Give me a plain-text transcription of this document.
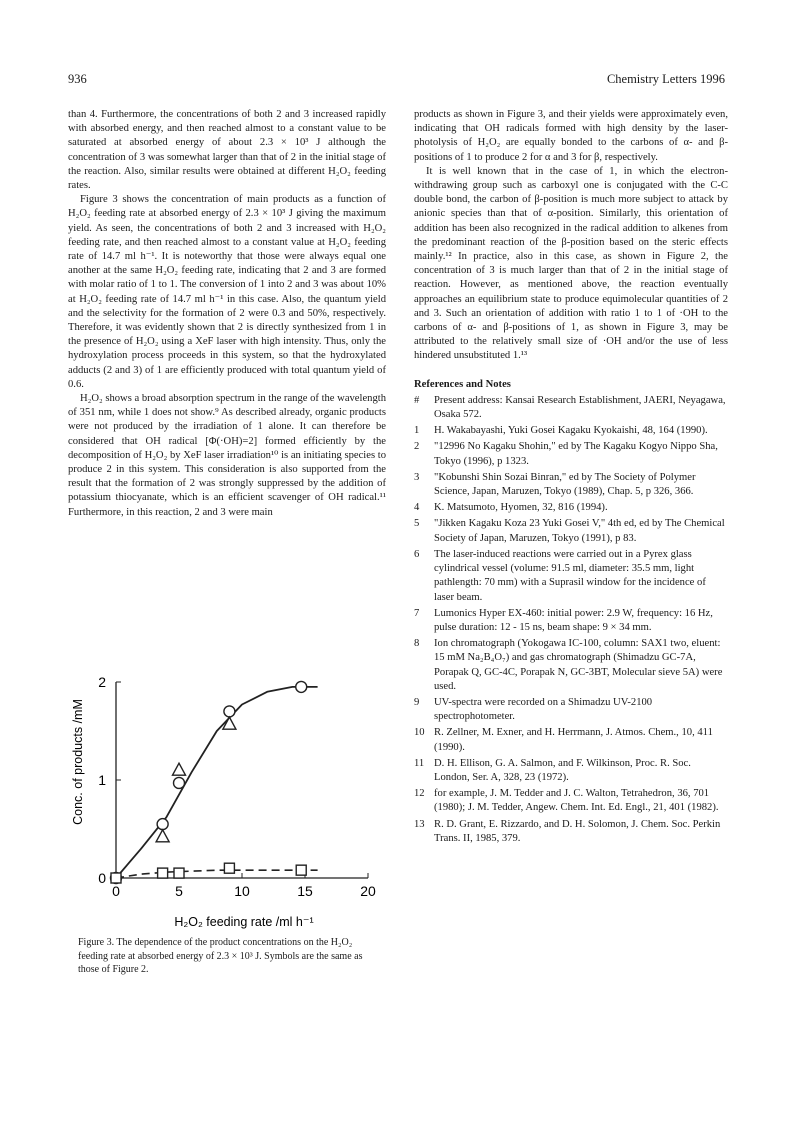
936	Chemistry Letters 1996

than 4. Furthermore, the concentrations of both 2 and 3 increased rapidly with absorbed energy, and then reached almost to a constant value to be saturated at absorbed energy of about 2.3 × 10³ J although the concentration of 3 was somewhat larger than that of 2 in the initial stage of the reaction. Also, similar results were obtained at different H₂O₂ feeding rates.

Figure 3 shows the concentration of main products as a function of H₂O₂ feeding rate at absorbed energy of 2.3 × 10³ J giving the maximum yield. As seen, the concentrations of both 2 and 3 increased with H₂O₂ feeding rate, and then reached almost to a constant value at H₂O₂ feeding rate of 14.7 ml h⁻¹. It is noteworthy that those were always equal one another at the same H₂O₂ feeding rate, indicating that 2 and 3 are formed with molar ratio of 1 to 1. The conversion of 1 into 2 and 3 was about 10% at H₂O₂ feeding rate of 14.7 ml h⁻¹ in this case. Also, the quantum yield and the selectivity for the formation of 2 were 0.3 and 50%, respectively. Therefore, it was evidently shown that 2 is directly synthesized from 1 in the presence of H₂O₂ using a XeF laser with high intensity. Thus, only the hydroxylation process proceeds in this system, so that the hydroxylated adducts (2 and 3) of 1 are efficiently produced with total quantum yield of 0.6.

H₂O₂ shows a broad absorption spectrum in the range of the wavelength of 351 nm, while 1 does not show.⁹ As described already, organic products were not produced by the irradiation of 1 alone. It can therefore be considered that OH radical [Φ(·OH)=2] formed efficiently by the decomposition of H₂O₂ by XeF laser irradiation¹⁰ is an initiating species to produce 2 in this system. This consideration is also supported from the result that the formation of 2 was strongly suppressed by the addition of potassium thiocyanate, which is an efficient scavenger of OH radical.¹¹ Furthermore, in this reaction, 2 and 3 were main

0	5	10	15	20
0
1
2
H₂O₂ feeding rate /ml h⁻¹
Conc. of products /mM
Figure 3. The dependence of the product concentrations on the H₂O₂ feeding rate at absorbed energy of 2.3 × 10³ J. Symbols are the same as those of Figure 2.

products as shown in Figure 3, and their yields were approximately even, indicating that OH radicals formed with high density by the laser-photolysis of H₂O₂ are equally bonded to the carbons of α- and β-positions of 1 to produce 2 for α and 3 for β, respectively.

It is well known that in the case of 1, in which the electron-withdrawing group such as carboxyl one is conjugated with the C-C double bond, the carbon of β-position is much more subject to attack by anionic species than that of α-position. Similarly, this orientation of addition has been also recognized in the radical addition to alkenes from the predominant reaction of the β-position based on the steric effects mainly.¹² In practice, also in this case, as shown in Figure 2, the concentration of 3 is much larger than that of 2 in the initial stage of reaction. However, as mentioned above, the reaction eventually approaches an equilibrium state to produce equimolecular quantities of 2 and 3. Such an orientation of addition with ratio 1 to 1 of ·OH to the carbons of α- and β-positions of 1, as shown in Figure 3, may be attributed to the relatively small size of ·OH and/or the use of less hindered unsubstituted 1.¹³

References and Notes

#	Present address: Kansai Research Establishment, JAERI, Neyagawa, Osaka 572.
1	H. Wakabayashi, Yuki Gosei Kagaku Kyokaishi, 48, 164 (1990).
2	"12996 No Kagaku Shohin," ed by The Kagaku Kogyo Nippo Sha, Tokyo (1996), p 1323.
3	"Kobunshi Shin Sozai Binran," ed by The Society of Polymer Science, Japan, Maruzen, Tokyo (1989), Chap. 5, p 326, 366.
4	K. Matsumoto, Hyomen, 32, 816 (1994).
5	"Jikken Kagaku Koza 23 Yuki Gosei V," 4th ed, ed by The Chemical Society of Japan, Maruzen, Tokyo (1991), p 83.
6	The laser-induced reactions were carried out in a Pyrex glass cylindrical vessel (volume: 91.5 ml, diameter: 35.5 mm, light pathlength: 70 mm) with a Suprasil window for the incidence of laser beam.
7	Lumonics Hyper EX-460: initial power: 2.9 W, frequency: 16 Hz, pulse duration: 12 - 15 ns, beam shape: 9 × 34 mm.
8	Ion chromatograph (Yokogawa IC-100, column: SAX1 two, eluent: 15 mM Na₂B₄O₇) and gas chromatograph (Shimadzu GC-7A, Porapak Q, GC-4C, Porapak N, GC-3BT, Molecular sieve 5A) were used.
9	UV-spectra were recorded on a Shimadzu UV-2100 spectrophotometer.
10 R. Zellner, M. Exner, and H. Herrmann, J. Atmos. Chem., 10, 411 (1990).
11 D. H. Ellison, G. A. Salmon, and F. Wilkinson, Proc. R. Soc. London, Ser. A, 328, 23 (1972).
12 for example, J. M. Tedder and J. C. Walton, Tetrahedron, 36, 701 (1980); J. M. Tedder, Angew. Chem. Int. Ed. Engl., 21, 401 (1982).
13 R. D. Grant, E. Rizzardo, and D. H. Solomon, J. Chem. Soc. Perkin Trans. II, 1985, 379.
